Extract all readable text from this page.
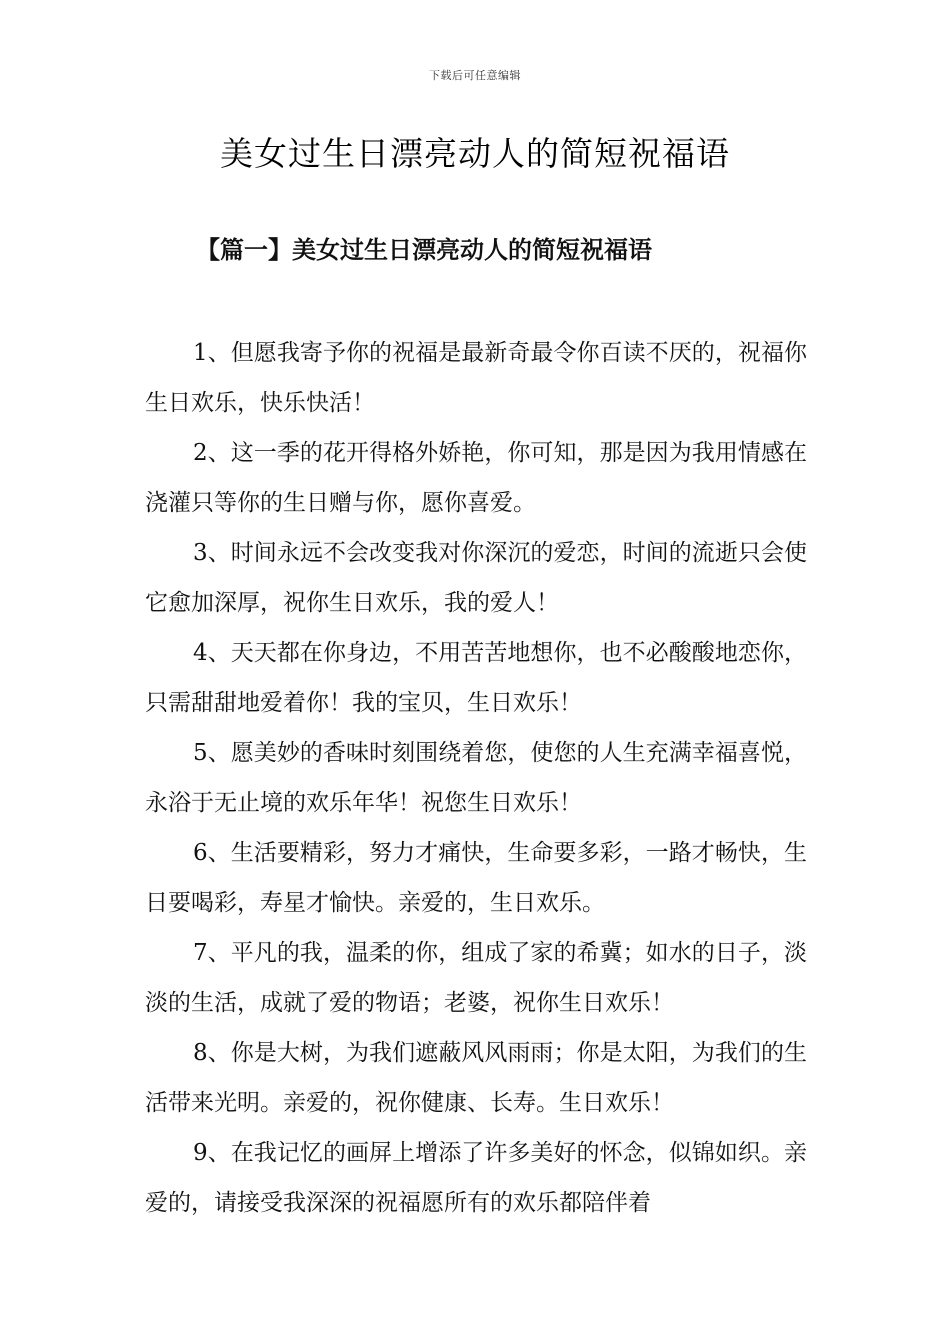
下载后可任意编辑
美女过生日漂亮动人的简短祝福语
【篇一】美女过生日漂亮动人的简短祝福语

1、但愿我寄予你的祝福是最新奇最令你百读不厌的，祝福你生日欢乐，快乐快活！

2、这一季的花开得格外娇艳，你可知，那是因为我用情感在浇灌只等你的生日赠与你，愿你喜爱。

3、时间永远不会改变我对你深沉的爱恋，时间的流逝只会使它愈加深厚，祝你生日欢乐，我的爱人！

4、天天都在你身边，不用苦苦地想你，也不必酸酸地恋你，只需甜甜地爱着你！我的宝贝，生日欢乐！

5、愿美妙的香味时刻围绕着您，使您的人生充满幸福喜悦，永浴于无止境的欢乐年华！祝您生日欢乐！

6、生活要精彩，努力才痛快，生命要多彩，一路才畅快，生日要喝彩，寿星才愉快。亲爱的，生日欢乐。

7、平凡的我，温柔的你，组成了家的希冀；如水的日子，淡淡的生活，成就了爱的物语；老婆，祝你生日欢乐！

8、你是大树，为我们遮蔽风风雨雨；你是太阳，为我们的生活带来光明。亲爱的，祝你健康、长寿。生日欢乐！

9、在我记忆的画屏上增添了许多美好的怀念，似锦如织。亲爱的，请接受我深深的祝福愿所有的欢乐都陪伴着
